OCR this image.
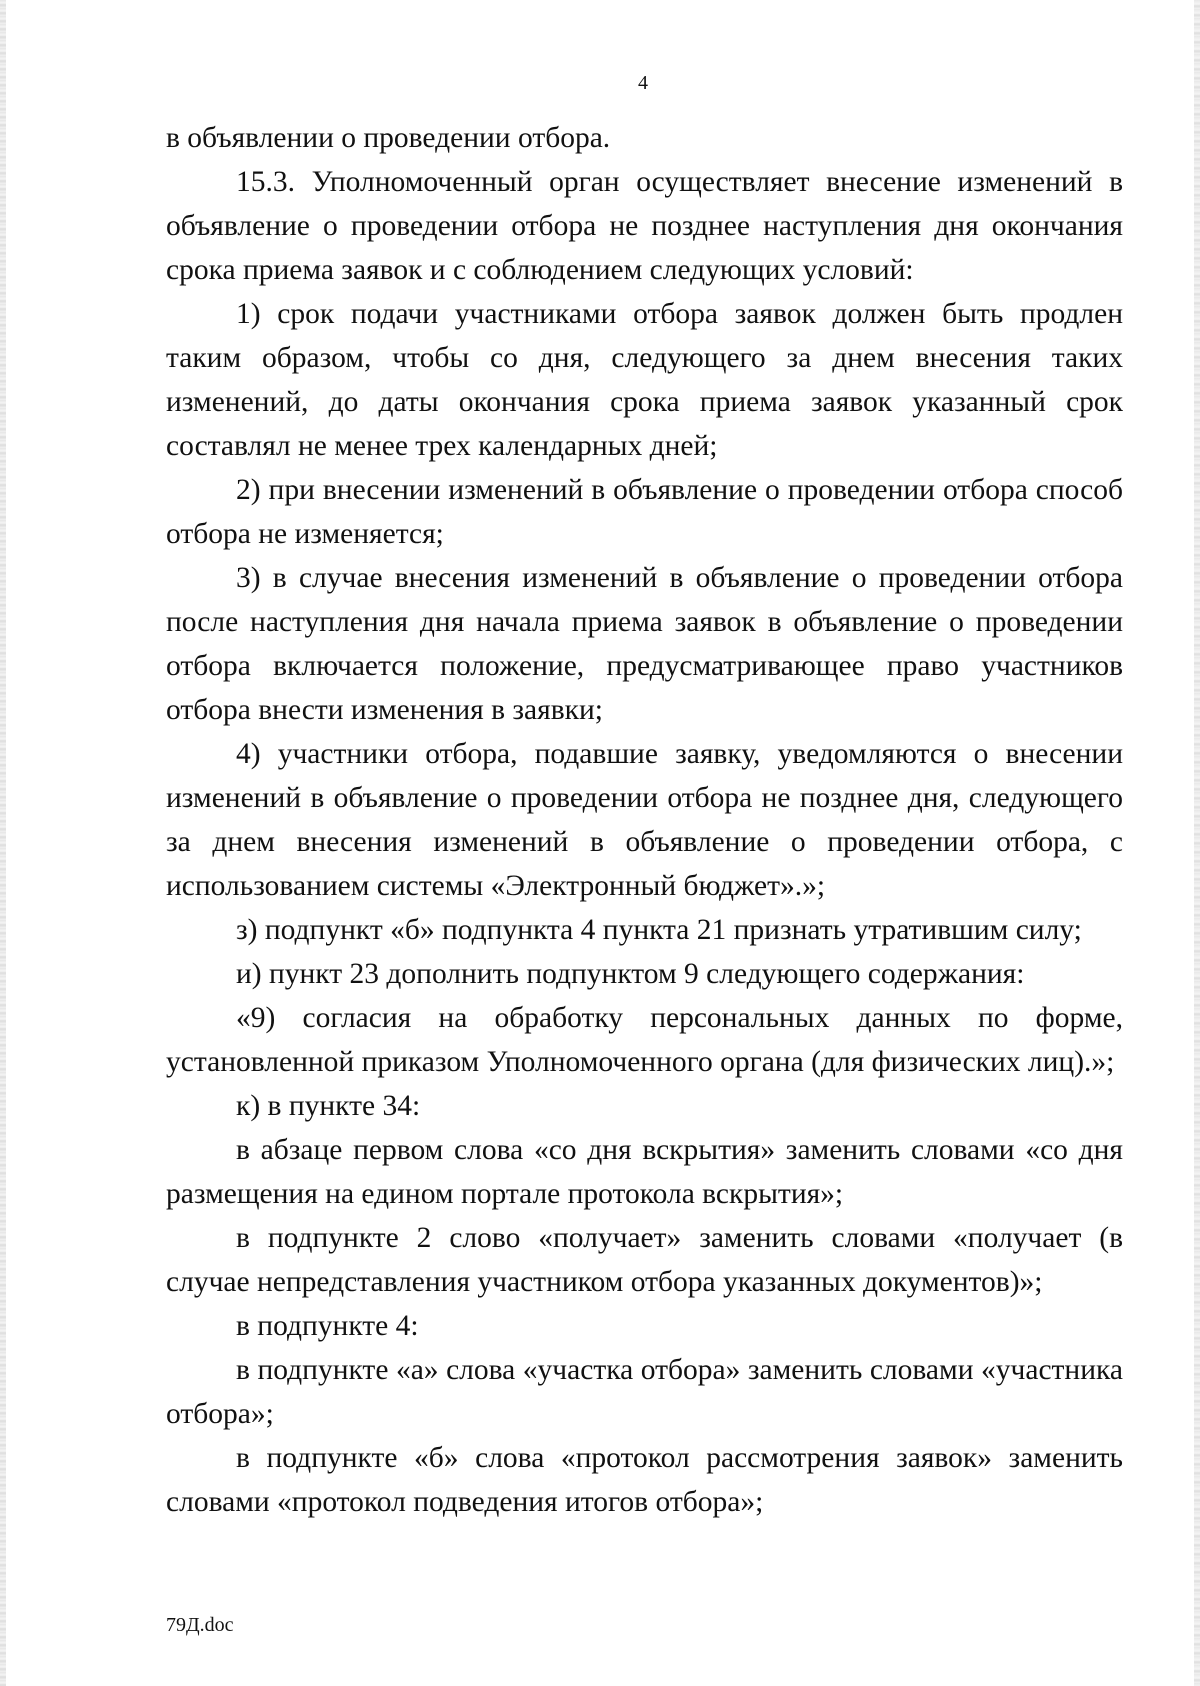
4

в объявлении о проведении отбора.

15.3. Уполномоченный орган осуществляет внесение изменений в объявление о проведении отбора не позднее наступления дня окончания срока приема заявок и с соблюдением следующих условий:

1) срок подачи участниками отбора заявок должен быть продлен таким образом, чтобы со дня, следующего за днем внесения таких изменений, до даты окончания срока приема заявок указанный срок составлял не менее трех календарных дней;

2) при внесении изменений в объявление о проведении отбора способ отбора не изменяется;

3) в случае внесения изменений в объявление о проведении отбора после наступления дня начала приема заявок в объявление о проведении отбора включается положение, предусматривающее право участников отбора внести изменения в заявки;

4) участники отбора, подавшие заявку, уведомляются о внесении изменений в объявление о проведении отбора не позднее дня, следующего за днем внесения изменений в объявление о проведении отбора, с использованием системы «Электронный бюджет».»;

з) подпункт «б» подпункта 4 пункта 21 признать утратившим силу;

и) пункт 23 дополнить подпунктом 9 следующего содержания:

«9) согласия на обработку персональных данных по форме, установленной приказом Уполномоченного органа (для физических лиц).»;

к) в пункте 34:

в абзаце первом слова «со дня вскрытия» заменить словами «со дня размещения на едином портале протокола вскрытия»;

в подпункте 2 слово «получает» заменить словами «получает (в случае непредставления участником отбора указанных документов)»;

в подпункте 4:

в подпункте «а» слова «участка отбора» заменить словами «участника отбора»;

в подпункте «б» слова «протокол рассмотрения заявок» заменить словами «протокол подведения итогов отбора»;

79Д.doc
